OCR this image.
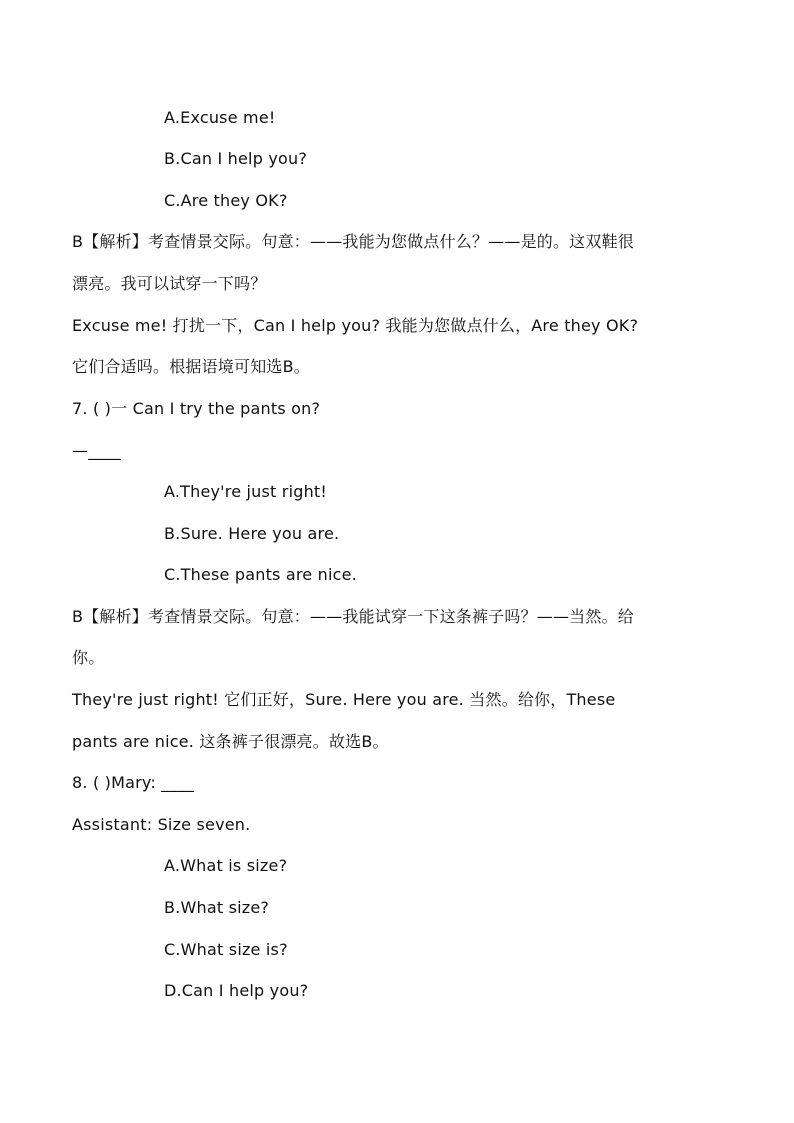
A.Excuse me!
B.Can I help you?
C.Are they OK?
B【解析】考查情景交际。句意：——我能为您做点什么？——是的。这双鞋很
漂亮。我可以试穿一下吗？
Excuse me! 打扰一下，Can I help you? 我能为您做点什么，Are they OK?
它们合适吗。根据语境可知选B。
7. ( )一 Can I try the pants on?
—____
A.They're just right!
B.Sure. Here you are.
C.These pants are nice.
B【解析】考查情景交际。句意：——我能试穿一下这条裤子吗？——当然。给
你。
They're just right! 它们正好，Sure. Here you are. 当然。给你，These
pants are nice. 这条裤子很漂亮。故选B。
8. ( )Mary: ____
Assistant: Size seven.
A.What is size?
B.What size?
C.What size is?
D.Can I help you?
